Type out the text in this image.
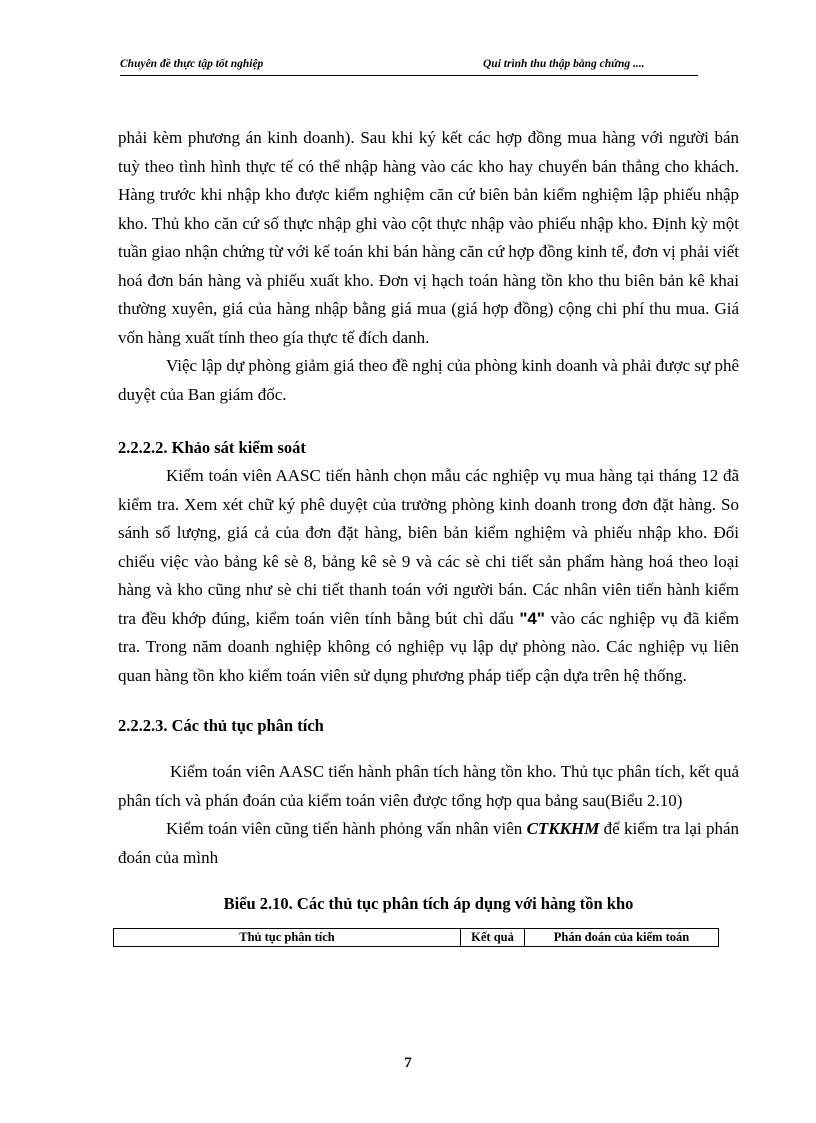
Chuyên đề thực tập tốt nghiệp	Qui trình thu thập bằng chứng ....

phải kèm phương án kinh doanh). Sau khi ký kết các hợp đồng mua hàng với người bán tuỳ theo tình hình thực tế có thể nhập hàng vào các kho hay chuyển bán thẳng cho khách. Hàng trước khi nhập kho được kiểm nghiệm căn cứ biên bản kiểm nghiệm lập phiếu nhập kho. Thủ kho căn cứ số thực nhập ghi vào cột thực nhập vào phiếu nhập kho. Định kỳ một tuần giao nhận chứng từ với kế toán khi bán hàng căn cứ hợp đồng kinh tế, đơn vị phải viết hoá đơn bán hàng và phiếu xuất kho. Đơn vị hạch toán hàng tồn kho thu biên bản kê khai thường xuyên, giá của hàng nhập bằng giá mua (giá hợp đồng) cộng chi phí thu mua. Giá vốn hàng xuất tính theo gía thực tế đích danh.

Việc lập dự phòng giảm giá theo đề nghị của phòng kinh doanh và phải được sự phê duyệt của Ban giám đốc.

2.2.2.2. Khảo sát kiểm soát

Kiểm toán viên AASC tiến hành chọn mẫu các nghiệp vụ mua hàng tại tháng 12 đã kiểm tra. Xem xét chữ ký phê duyệt của trưởng phòng kinh doanh trong đơn đặt hàng. So sánh số lượng, giá cả của đơn đặt hàng, biên bản kiểm nghiệm và phiếu nhập kho. Đối chiếu việc vào bảng kê sè 8, bảng kê sè 9 và các sè chi tiết sản phẩm hàng hoá theo loại hàng và kho cũng như sè chi tiết thanh toán với người bán. Các nhân viên tiến hành kiểm tra đều khớp đúng, kiểm toán viên tính bằng bút chì dấu "4" vào các nghiệp vụ đã kiểm tra. Trong năm doanh nghiệp không có nghiệp vụ lập dự phòng nào. Các nghiệp vụ liên quan hàng tồn kho kiểm toán viên sử dụng phương pháp tiếp cận dựa trên hệ thống.

2.2.2.3. Các thủ tục phân tích

Kiểm toán viên AASC tiến hành phân tích hàng tồn kho. Thủ tục phân tích, kết quả phân tích và phán đoán của kiểm toán viên được tổng hợp qua bảng sau(Biểu 2.10)

Kiểm toán viên cũng tiến hành phỏng vấn nhân viên CTKKHM để kiểm tra lại phán đoán của mình

Biểu 2.10. Các thủ tục phân tích áp dụng với hàng tồn kho

Thủ tục phân tích	Kết quả	Phán đoán của kiểm toán
7
